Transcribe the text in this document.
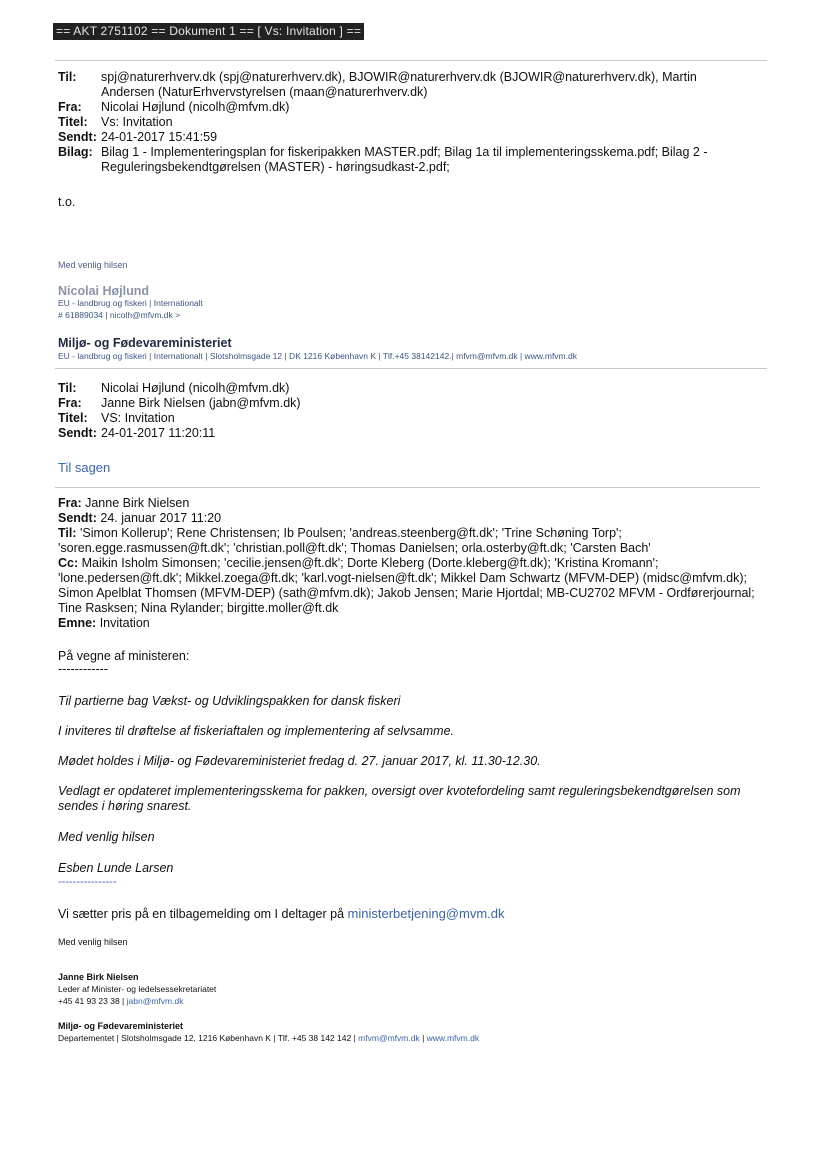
== AKT 2751102 == Dokument 1 == [ Vs: Invitation ] ==
Til: spj@naturerhverv.dk (spj@naturerhverv.dk), BJOWIR@naturerhverv.dk (BJOWIR@naturerhverv.dk), Martin
Andersen (NaturErhvervstyrelsen (maan@naturerhverv.dk)
Fra: Nicolai Højlund (nicolh@mfvm.dk)
Titel: Vs: Invitation
Sendt: 24-01-2017 15:41:59
Bilag: Bilag 1 - Implementeringsplan for fiskeripakken MASTER.pdf; Bilag 1a til implementeringsskema.pdf; Bilag 2 -
Reguleringsbekendtgørelsen (MASTER) - høringsudkast-2.pdf;
t.o.
Med venlig hilsen
Nicolai Højlund
EU - landbrug og fiskeri | Internationalt
# 61889034 | nicolh@mfvm.dk >
Miljø- og Fødevareministeriet
EU - landbrug og fiskeri | Internationalt | Slotsholmsgade 12 | DK 1216 København K | Tlf.+45 38142142.| mfvm@mfvm.dk | www.mfvm.dk
Til: Nicolai Højlund (nicolh@mfvm.dk)
Fra: Janne Birk Nielsen (jabn@mfvm.dk)
Titel: VS: Invitation
Sendt: 24-01-2017 11:20:11
Til sagen
Fra: Janne Birk Nielsen
Sendt: 24. januar 2017 11:20
Til: 'Simon Kollerup'; Rene Christensen; Ib Poulsen; 'andreas.steenberg@ft.dk'; 'Trine Schøning Torp';
'soren.egge.rasmussen@ft.dk'; 'christian.poll@ft.dk'; Thomas Danielsen; orla.osterby@ft.dk; 'Carsten Bach'
Cc: Maikin Isholm Simonsen; 'cecilie.jensen@ft.dk'; Dorte Kleberg (Dorte.kleberg@ft.dk); 'Kristina Kromann';
'lone.pedersen@ft.dk'; Mikkel.zoega@ft.dk; 'karl.vogt-nielsen@ft.dk'; Mikkel Dam Schwartz (MFVM-DEP) (midsc@mfvm.dk);
Simon Apelblat Thomsen (MFVM-DEP) (sath@mfvm.dk); Jakob Jensen; Marie Hjortdal; MB-CU2702 MFVM - Ordførerjournal;
Tine Rasksen; Nina Rylander; birgitte.moller@ft.dk
Emne: Invitation
På vegne af ministeren:
------------
Til partierne bag Vækst- og Udviklingspakken for dansk fiskeri
I inviteres til drøftelse af fiskeriaftalen og implementering af selvsamme.
Mødet holdes i Miljø- og Fødevareministeriet fredag d. 27. januar 2017, kl. 11.30-12.30.
Vedlagt er opdateret implementeringsskema for pakken, oversigt over kvotefordeling samt reguleringsbekendtgørelsen som
sendes i høring snarest.
Med venlig hilsen
Esben Lunde Larsen
----------------
Vi sætter pris på en tilbagemelding om I deltager på ministerbetjening@mvm.dk
Med venlig hilsen
Janne Birk Nielsen
Leder af Minister- og ledelsessekretariatet
+45 41 93 23 38 | jabn@mfvm.dk
Miljø- og Fødevareministeriet
Departementet | Slotsholmsgade 12, 1216 København K | Tlf. +45 38 142 142 | mfvm@mfvm.dk | www.mfvm.dk
